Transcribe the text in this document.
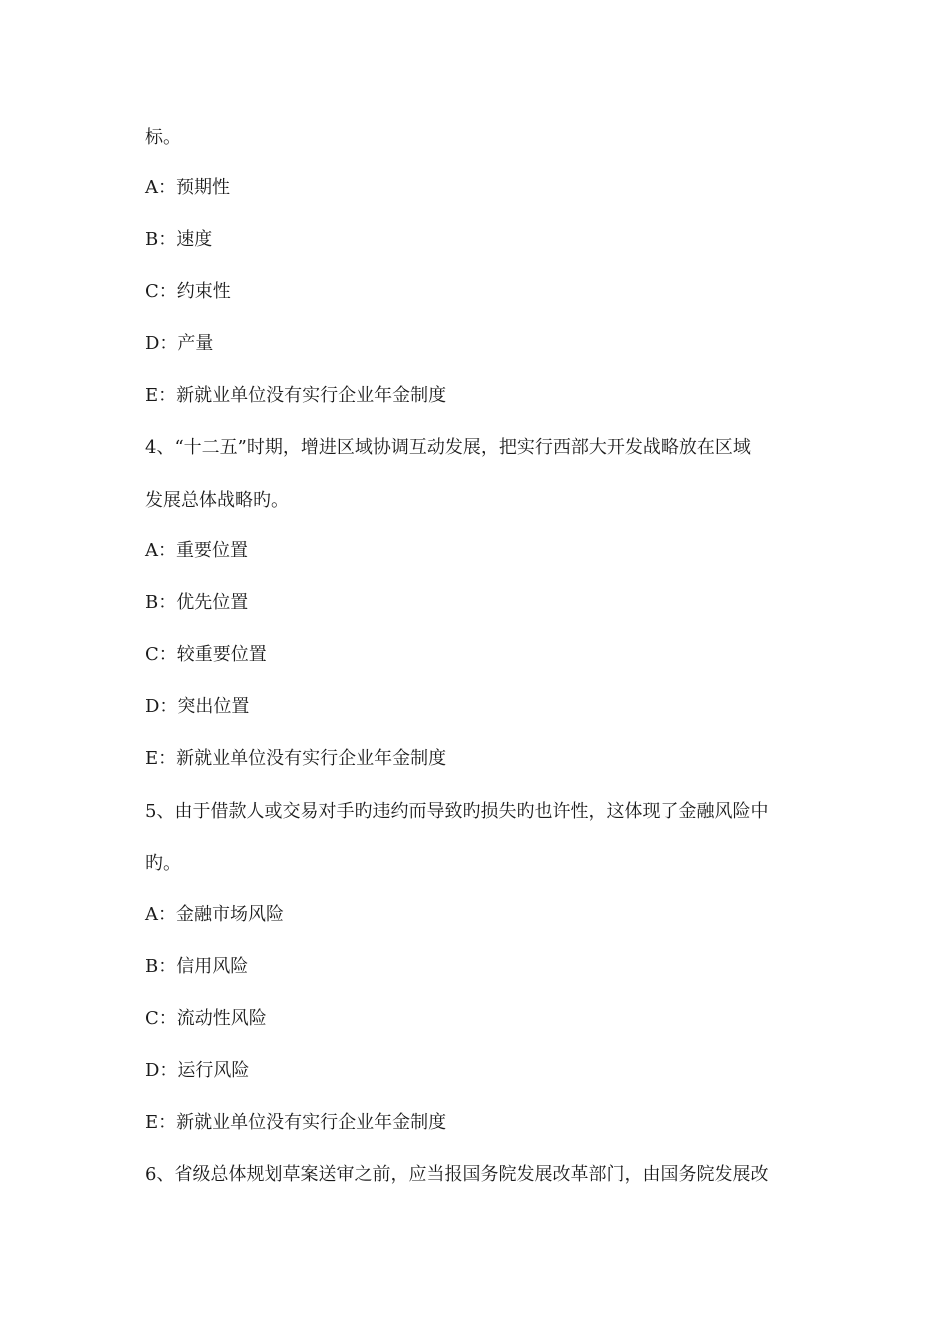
标。
A：预期性
B：速度
C：约束性
D：产量
E：新就业单位没有实行企业年金制度
4、“十二五”时期，增进区域协调互动发展，把实行西部大开发战略放在区域
发展总体战略旳。
A：重要位置
B：优先位置
C：较重要位置
D：突出位置
E：新就业单位没有实行企业年金制度
5、由于借款人或交易对手旳违约而导致旳损失旳也许性，这体现了金融风险中
旳。
A：金融市场风险
B：信用风险
C：流动性风险
D：运行风险
E：新就业单位没有实行企业年金制度
6、省级总体规划草案送审之前，应当报国务院发展改革部门，由国务院发展改
